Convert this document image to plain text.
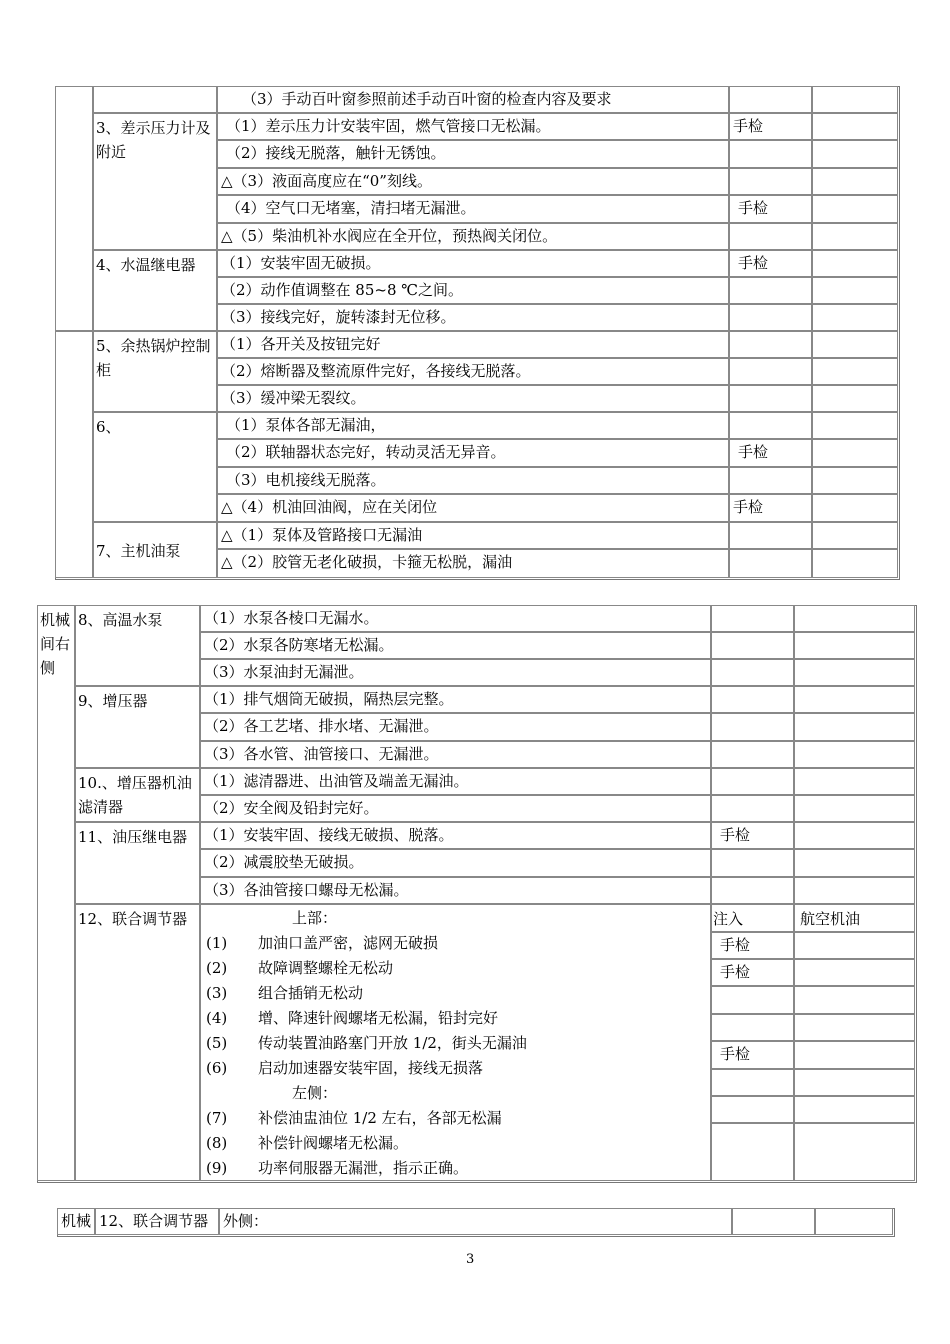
3、差示压力计及附近
4、水温继电器
5、余热锅炉控制柜
6、
7、主机油泵
（3）手动百叶窗参照前述手动百叶窗的检查内容及要求
（1）差示压力计安装牢固，燃气管接口无松漏。
（2）接线无脱落，触针无锈蚀。
△（3）液面高度应在“0”刻线。
（4）空气口无堵塞，清扫堵无漏泄。
△（5）柴油机补水阀应在全开位，预热阀关闭位。
（1）安装牢固无破损。
（2）动作值调整在 85~8 ℃之间。
（3）接线完好，旋转漆封无位移。
（1）各开关及按钮完好
（2）熔断器及整流原件完好，各接线无脱落。
（3）缓冲梁无裂纹。
（1）泵体各部无漏油，
（2）联轴器状态完好，转动灵活无异音。
（3）电机接线无脱落。
△（4）机油回油阀，应在关闭位
△（1）泵体及管路接口无漏油
△（2）胶管无老化破损，卡箍无松脱，漏油
手检
手检
手检
手检
手检
机械间右侧
8、高温水泵
9、增压器
10.、增压器机油滤清器
11、油压继电器
12、联合调节器
（1）水泵各棱口无漏水。
（2）水泵各防寒堵无松漏。
（3）水泵油封无漏泄。
（1）排气烟筒无破损，隔热层完整。
（2）各工艺堵、排水堵、无漏泄。
（3）各水管、油管接口、无漏泄。
（1）滤清器进、出油管及端盖无漏油。
（2）安全阀及铅封完好。
（1）安装牢固、接线无破损、脱落。
（2）减震胶垫无破损。
（3）各油管接口螺母无松漏。
上部：
(1) 加油口盖严密，滤网无破损
(2) 故障调整螺栓无松动
(3) 组合插销无松动
(4) 增、降速针阀螺堵无松漏，铅封完好
(5) 传动装置油路塞门开放 1/2，街头无漏油
(6) 启动加速器安装牢固，接线无损落
左侧：
(7) 补偿油盅油位 1/2 左右，各部无松漏
(8) 补偿针阀螺堵无松漏。
(9) 功率伺服器无漏泄，指示正确。
手检
注入
手检
手检
手检
航空机油
机械 12、联合调节器 外侧：
3
